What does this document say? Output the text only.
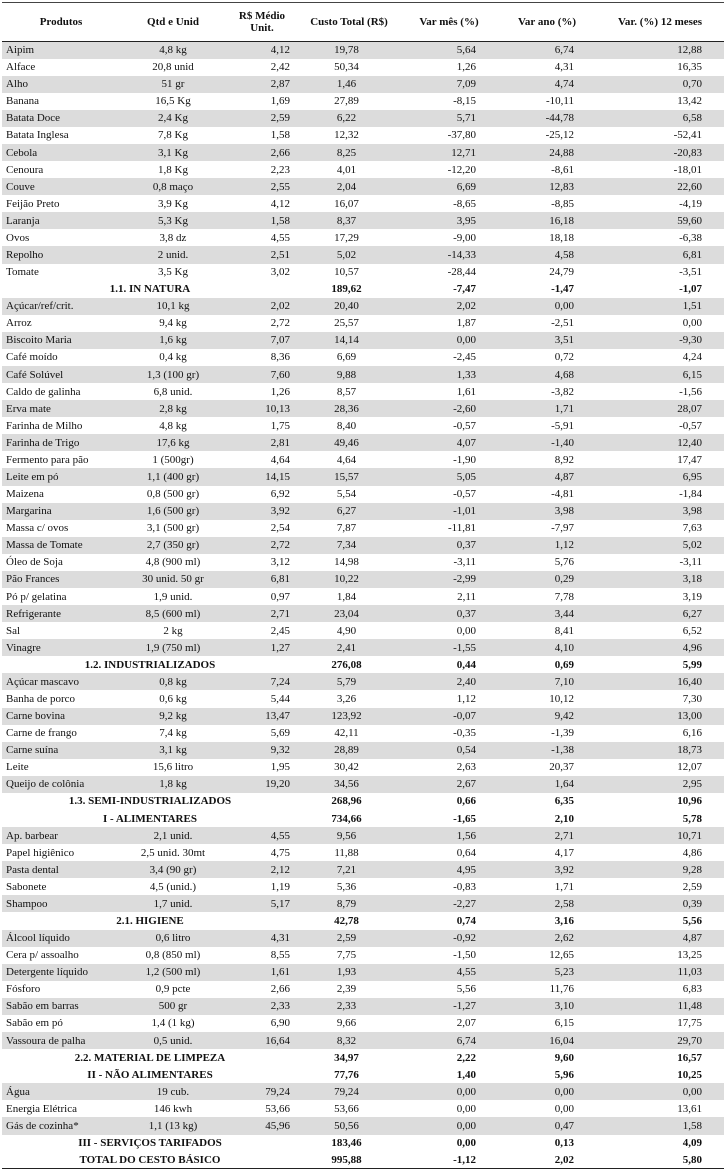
Produtos	Qtd e Unid	R$ Médio Unit.	Custo Total (R$)	Var mês (%)	Var ano (%)	Var. (%) 12 meses
Aipim	4,8 kg	4,12	19,78	5,64	6,74	12,88
Alface	20,8 unid	2,42	50,34	1,26	4,31	16,35
Alho	51 gr	2,87	1,46	7,09	4,74	0,70
Banana	16,5 Kg	1,69	27,89	-8,15	-10,11	13,42
Batata Doce	2,4 Kg	2,59	6,22	5,71	-44,78	6,58
Batata Inglesa	7,8 Kg	1,58	12,32	-37,80	-25,12	-52,41
Cebola	3,1 Kg	2,66	8,25	12,71	24,88	-20,83
Cenoura	1,8 Kg	2,23	4,01	-12,20	-8,61	-18,01
Couve	0,8 maço	2,55	2,04	6,69	12,83	22,60
Feijão Preto	3,9 Kg	4,12	16,07	-8,65	-8,85	-4,19
Laranja	5,3 Kg	1,58	8,37	3,95	16,18	59,60
Ovos	3,8 dz	4,55	17,29	-9,00	18,18	-6,38
Repolho	2 unid.	2,51	5,02	-14,33	4,58	6,81
Tomate	3,5 Kg	3,02	10,57	-28,44	24,79	-3,51
1.1. IN NATURA			189,62	-7,47	-1,47	-1,07
Açúcar/ref/crit.	10,1 kg	2,02	20,40	2,02	0,00	1,51
Arroz	9,4 kg	2,72	25,57	1,87	-2,51	0,00
Biscoito Maria	1,6 kg	7,07	14,14	0,00	3,51	-9,30
Café moído	0,4 kg	8,36	6,69	-2,45	0,72	4,24
Café Solúvel	1,3 (100 gr)	7,60	9,88	1,33	4,68	6,15
Caldo de galinha	6,8 unid.	1,26	8,57	1,61	-3,82	-1,56
Erva mate	2,8 kg	10,13	28,36	-2,60	1,71	28,07
Farinha de Milho	4,8 kg	1,75	8,40	-0,57	-5,91	-0,57
Farinha de Trigo	17,6 kg	2,81	49,46	4,07	-1,40	12,40
Fermento para pão	1 (500gr)	4,64	4,64	-1,90	8,92	17,47
Leite em pó	1,1 (400 gr)	14,15	15,57	5,05	4,87	6,95
Maizena	0,8 (500 gr)	6,92	5,54	-0,57	-4,81	-1,84
Margarina	1,6 (500 gr)	3,92	6,27	-1,01	3,98	3,98
Massa c/ ovos	3,1 (500 gr)	2,54	7,87	-11,81	-7,97	7,63
Massa de Tomate	2,7 (350 gr)	2,72	7,34	0,37	1,12	5,02
Óleo de Soja	4,8 (900 ml)	3,12	14,98	-3,11	5,76	-3,11
Pão Frances	30 unid. 50 gr	6,81	10,22	-2,99	0,29	3,18
Pó p/ gelatina	1,9 unid.	0,97	1,84	2,11	7,78	3,19
Refrigerante	8,5 (600 ml)	2,71	23,04	0,37	3,44	6,27
Sal	2 kg	2,45	4,90	0,00	8,41	6,52
Vinagre	1,9 (750 ml)	1,27	2,41	-1,55	4,10	4,96
1.2. INDUSTRIALIZADOS			276,08	0,44	0,69	5,99
Açúcar mascavo	0,8 kg	7,24	5,79	2,40	7,10	16,40
Banha de porco	0,6 kg	5,44	3,26	1,12	10,12	7,30
Carne bovina	9,2 kg	13,47	123,92	-0,07	9,42	13,00
Carne de frango	7,4 kg	5,69	42,11	-0,35	-1,39	6,16
Carne suína	3,1 kg	9,32	28,89	0,54	-1,38	18,73
Leite	15,6 litro	1,95	30,42	2,63	20,37	12,07
Queijo de colônia	1,8 kg	19,20	34,56	2,67	1,64	2,95
1.3. SEMI-INDUSTRIALIZADOS			268,96	0,66	6,35	10,96
I - ALIMENTARES			734,66	-1,65	2,10	5,78
Ap. barbear	2,1 unid.	4,55	9,56	1,56	2,71	10,71
Papel higiênico	2,5 unid. 30mt	4,75	11,88	0,64	4,17	4,86
Pasta dental	3,4 (90 gr)	2,12	7,21	4,95	3,92	9,28
Sabonete	4,5 (unid.)	1,19	5,36	-0,83	1,71	2,59
Shampoo	1,7 unid.	5,17	8,79	-2,27	2,58	0,39
2.1. HIGIENE			42,78	0,74	3,16	5,56
Álcool líquido	0,6 litro	4,31	2,59	-0,92	2,62	4,87
Cera p/ assoalho	0,8 (850 ml)	8,55	7,75	-1,50	12,65	13,25
Detergente líquido	1,2 (500 ml)	1,61	1,93	4,55	5,23	11,03
Fósforo	0,9 pcte	2,66	2,39	5,56	11,76	6,83
Sabão em barras	500 gr	2,33	2,33	-1,27	3,10	11,48
Sabão em pó	1,4 (1 kg)	6,90	9,66	2,07	6,15	17,75
Vassoura de palha	0,5 unid.	16,64	8,32	6,74	16,04	29,70
2.2. MATERIAL DE LIMPEZA			34,97	2,22	9,60	16,57
II - NÃO ALIMENTARES			77,76	1,40	5,96	10,25
Água	19 cub.	79,24	79,24	0,00	0,00	0,00
Energia Elétrica	146 kwh	53,66	53,66	0,00	0,00	13,61
Gás de cozinha*	1,1 (13 kg)	45,96	50,56	0,00	0,47	1,58
III - SERVIÇOS TARIFADOS			183,46	0,00	0,13	4,09
TOTAL DO CESTO BÁSICO			995,88	-1,12	2,02	5,80
